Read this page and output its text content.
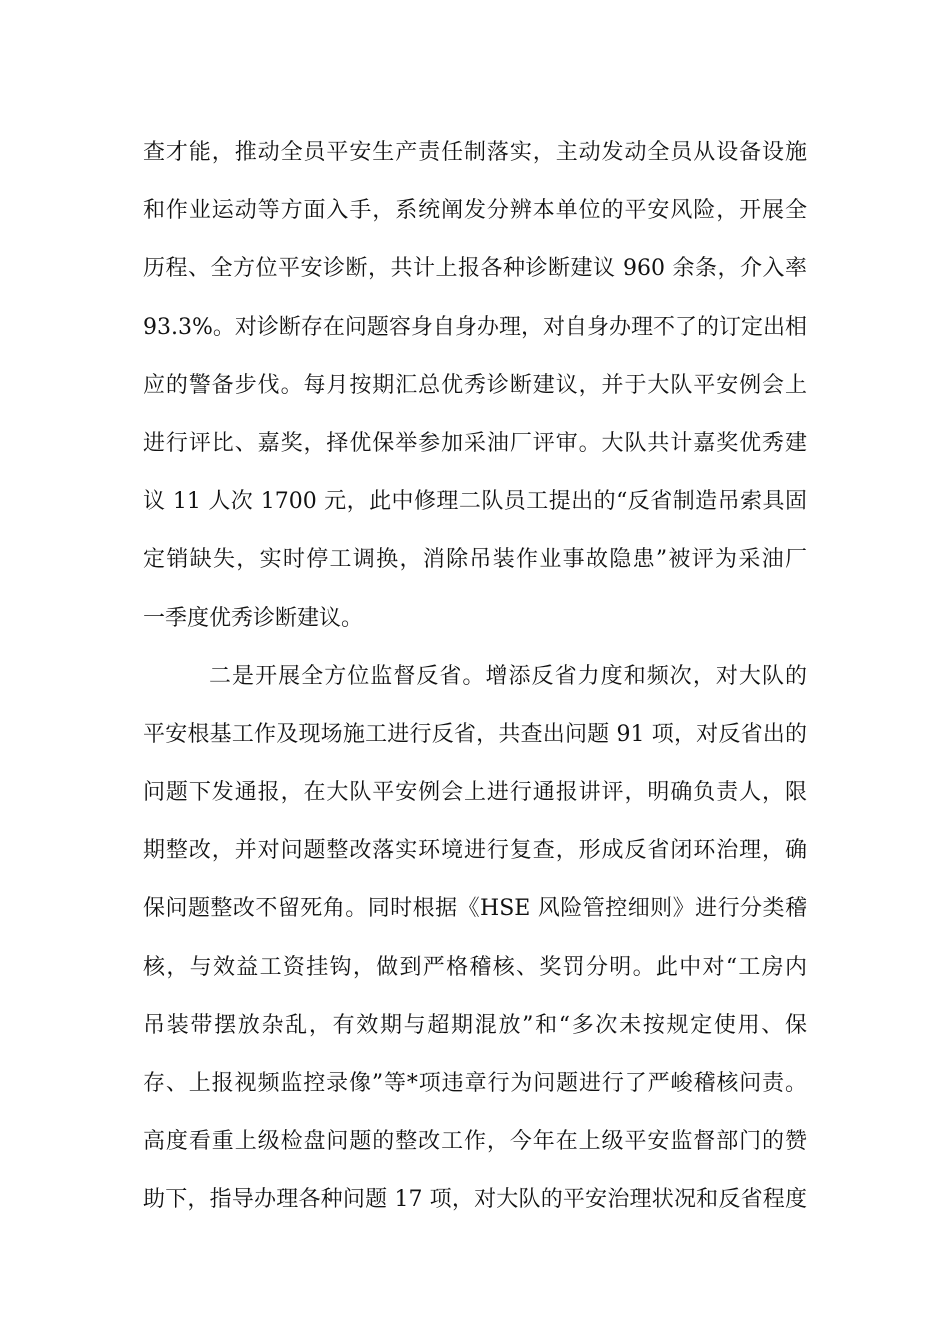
查才能，推动全员平安生产责任制落实，主动发动全员从设备设施
和作业运动等方面入手，系统阐发分辨本单位的平安风险，开展全
历程、全方位平安诊断，共计上报各种诊断建议 960 余条，介入率
93.3%。对诊断存在问题容身自身办理，对自身办理不了的订定出相
应的警备步伐。每月按期汇总优秀诊断建议，并于大队平安例会上
进行评比、嘉奖，择优保举参加采油厂评审。大队共计嘉奖优秀建
议 11 人次 1700 元，此中修理二队员工提出的“反省制造吊索具固
定销缺失，实时停工调换，消除吊装作业事故隐患”被评为采油厂
一季度优秀诊断建议。
二是开展全方位监督反省。增添反省力度和频次，对大队的
平安根基工作及现场施工进行反省，共查出问题 91 项，对反省出的
问题下发通报，在大队平安例会上进行通报讲评，明确负责人，限
期整改，并对问题整改落实环境进行复查，形成反省闭环治理，确
保问题整改不留死角。同时根据《HSE 风险管控细则》进行分类稽
核，与效益工资挂钩，做到严格稽核、奖罚分明。此中对“工房内
吊装带摆放杂乱，有效期与超期混放”和“多次未按规定使用、保
存、上报视频监控录像”等*项违章行为问题进行了严峻稽核问责。
高度看重上级检盘问题的整改工作，今年在上级平安监督部门的赞
助下，指导办理各种问题 17 项，对大队的平安治理状况和反省程度
